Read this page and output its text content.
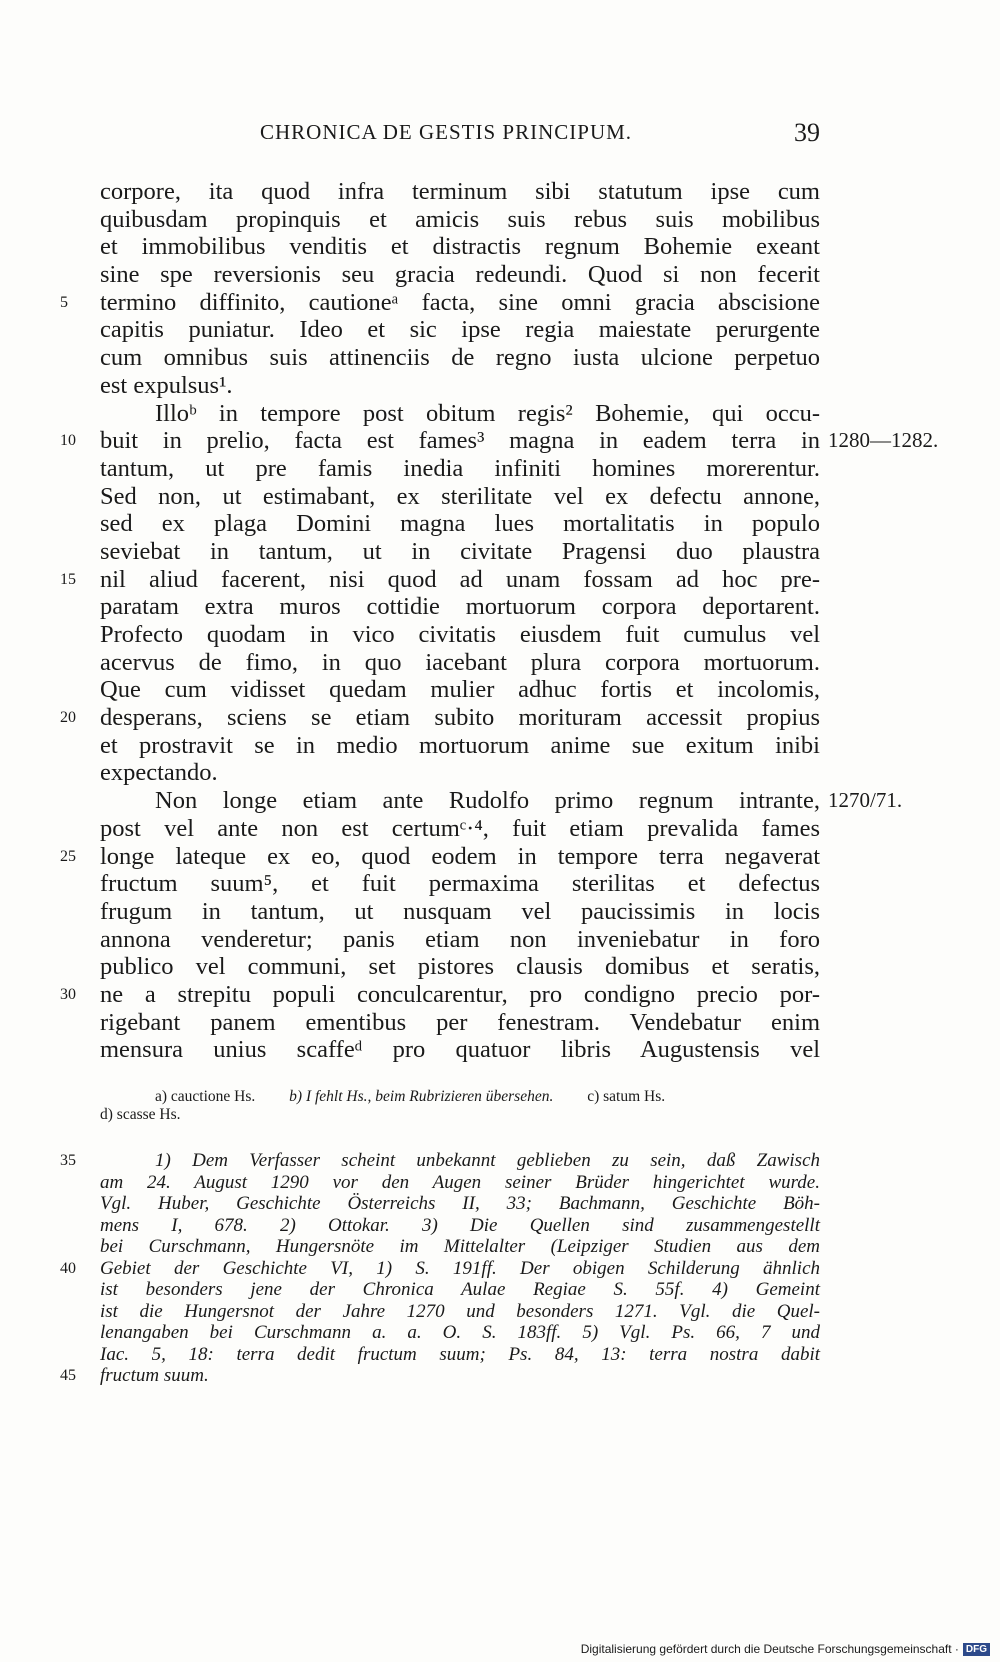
CHRONICA DE GESTIS PRINCIPUM.	39
corpore, ita quod infra terminum sibi statutum ipse cum
quibusdam propinquis et amicis suis rebus suis mobilibus
et immobilibus venditis et distractis regnum Bohemie exeant
sine spe reversionis seu gracia redeundi. Quod si non fecerit
5	termino diffinito, cautioneᵃ facta, sine omni gracia abscisione
capitis puniatur. Ideo et sic ipse regia maiestate perurgente
cum omnibus suis attinenciis de regno iusta ulcione perpetuo
est expulsus¹.
Illoᵇ in tempore post obitum regis² Bohemie, qui occu-
10 buit in prelio, facta est fames³ magna in eadem terra in 1280—1282.
tantum, ut pre famis inedia infiniti homines morerentur.
Sed non, ut estimabant, ex sterilitate vel ex defectu annone,
sed ex plaga Domini magna lues mortalitatis in populo
seviebat in tantum, ut in civitate Pragensi duo plaustra
15 nil aliud facerent, nisi quod ad unam fossam ad hoc pre-
paratam extra muros cottidie mortuorum corpora deportarent.
Profecto quodam in vico civitatis eiusdem fuit cumulus vel
acervus de fimo, in quo iacebant plura corpora mortuorum.
Que cum vidisset quedam mulier adhuc fortis et incolomis,
20 desperans, sciens se etiam subito morituram accessit propius
et prostravit se in medio mortuorum anime sue exitum inibi
expectando.
Non longe etiam ante Rudolfo primo regnum intrante, 1270/71.
post vel ante non est certumᶜ·⁴, fuit etiam prevalida fames
25 longe lateque ex eo, quod eodem in tempore terra negaverat
fructum suum⁵, et fuit permaxima sterilitas et defectus
frugum in tantum, ut nusquam vel paucissimis in locis
annona venderetur; panis etiam non inveniebatur in foro
publico vel communi, set pistores clausis domibus et seratis,
30 ne a strepitu populi conculcarentur, pro condigno precio por-
rigebant panem ementibus per fenestram. Vendebatur enim
mensura unius scaffeᵈ pro quatuor libris Augustensis vel
a) cauctione Hs. b) I fehlt Hs., beim Rubrizieren übersehen. c) satum Hs.
d) scasse Hs.
35	1) Dem Verfasser scheint unbekannt geblieben zu sein, daß Zawisch
am 24. August 1290 vor den Augen seiner Brüder hingerichtet wurde.
Vgl. Huber, Geschichte Österreichs II, 33; Bachmann, Geschichte Böh-
mens I, 678. 2) Ottokar. 3) Die Quellen sind zusammengestellt
bei Curschmann, Hungersnöte im Mittelalter (Leipziger Studien aus dem
40	Gebiet der Geschichte VI, 1) S. 191ff. Der obigen Schilderung ähnlich
ist besonders jene der Chronica Aulae Regiae S. 55f. 4) Gemeint
ist die Hungersnot der Jahre 1270 und besonders 1271. Vgl. die Quel-
lenangaben bei Curschmann a. a. O. S. 183ff. 5) Vgl. Ps. 66, 7 und
Iac. 5, 18: terra dedit fructum suum; Ps. 84, 13: terra nostra dabit
45	fructum suum.
Digitalisierung gefördert durch die Deutsche Forschungsgemeinschaft · DFG
